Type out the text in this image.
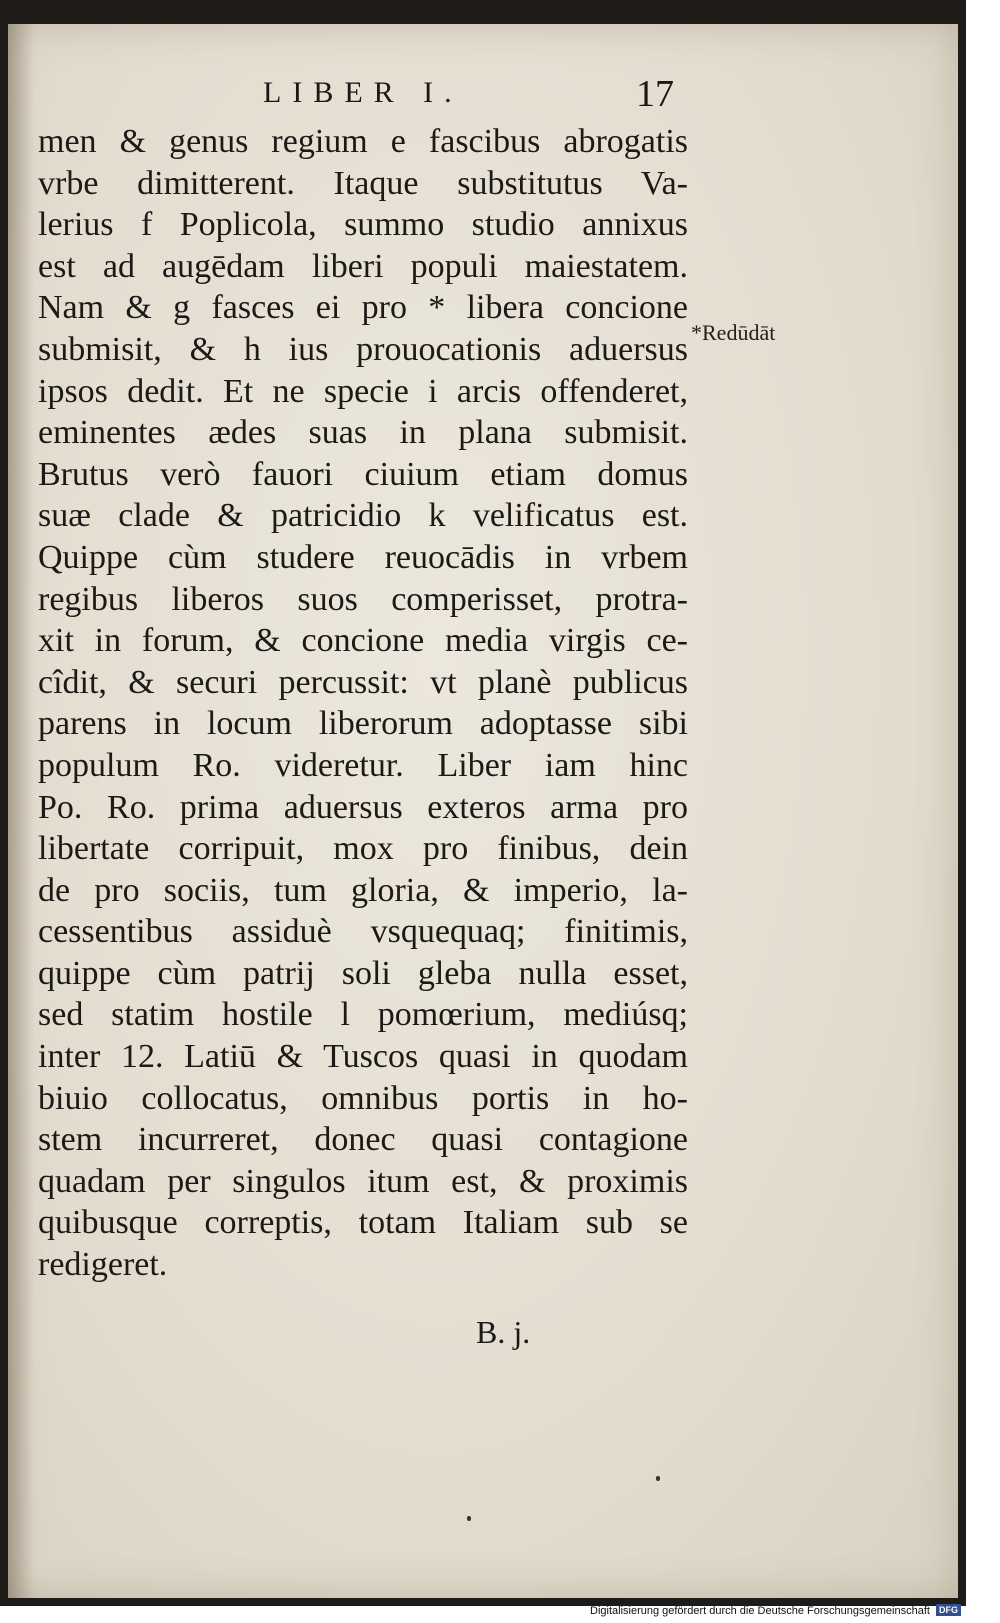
LIBER I.	17
men & genus regium e fascibus abrogatis
vrbe dimitterent. Itaque substitutus Va-
lerius f Poplicola, summo studio annixus
est ad augēdam liberi populi maiestatem.
Nam & g fasces ei pro * libera concione
submisit, & h ius prouocationis aduersus
ipsos dedit. Et ne specie i arcis offenderet,
eminentes ædes suas in plana submisit.
Brutus verò fauori ciuium etiam domus
suæ clade & patricidio k velificatus est.
Quippe cùm studere reuocādis in vrbem
regibus liberos suos comperisset, protra-
xit in forum, & concione media virgis ce-
cîdit, & securi percussit: vt planè publicus
parens in locum liberorum adoptasse sibi
populum Ro. videretur. Liber iam hinc
Po. Ro. prima aduersus exteros arma pro
libertate corripuit, mox pro finibus, dein
de pro sociis, tum gloria, & imperio, la-
cessentibus assiduè vsquequaq; finitimis,
quippe cùm patrij soli gleba nulla esset,
sed statim hostile l pomœrium, mediúsq;
inter 12. Latiū & Tuscos quasi in quodam
biuio collocatus, omnibus portis in ho-
stem incurreret, donec quasi contagione
quadam per singulos itum est, & proximis
quibusque correptis, totam Italiam sub se
redigeret.
*Redūdāt
B. j.
Digitalisierung gefördert durch die Deutsche Forschungsgemeinschaft DFG
